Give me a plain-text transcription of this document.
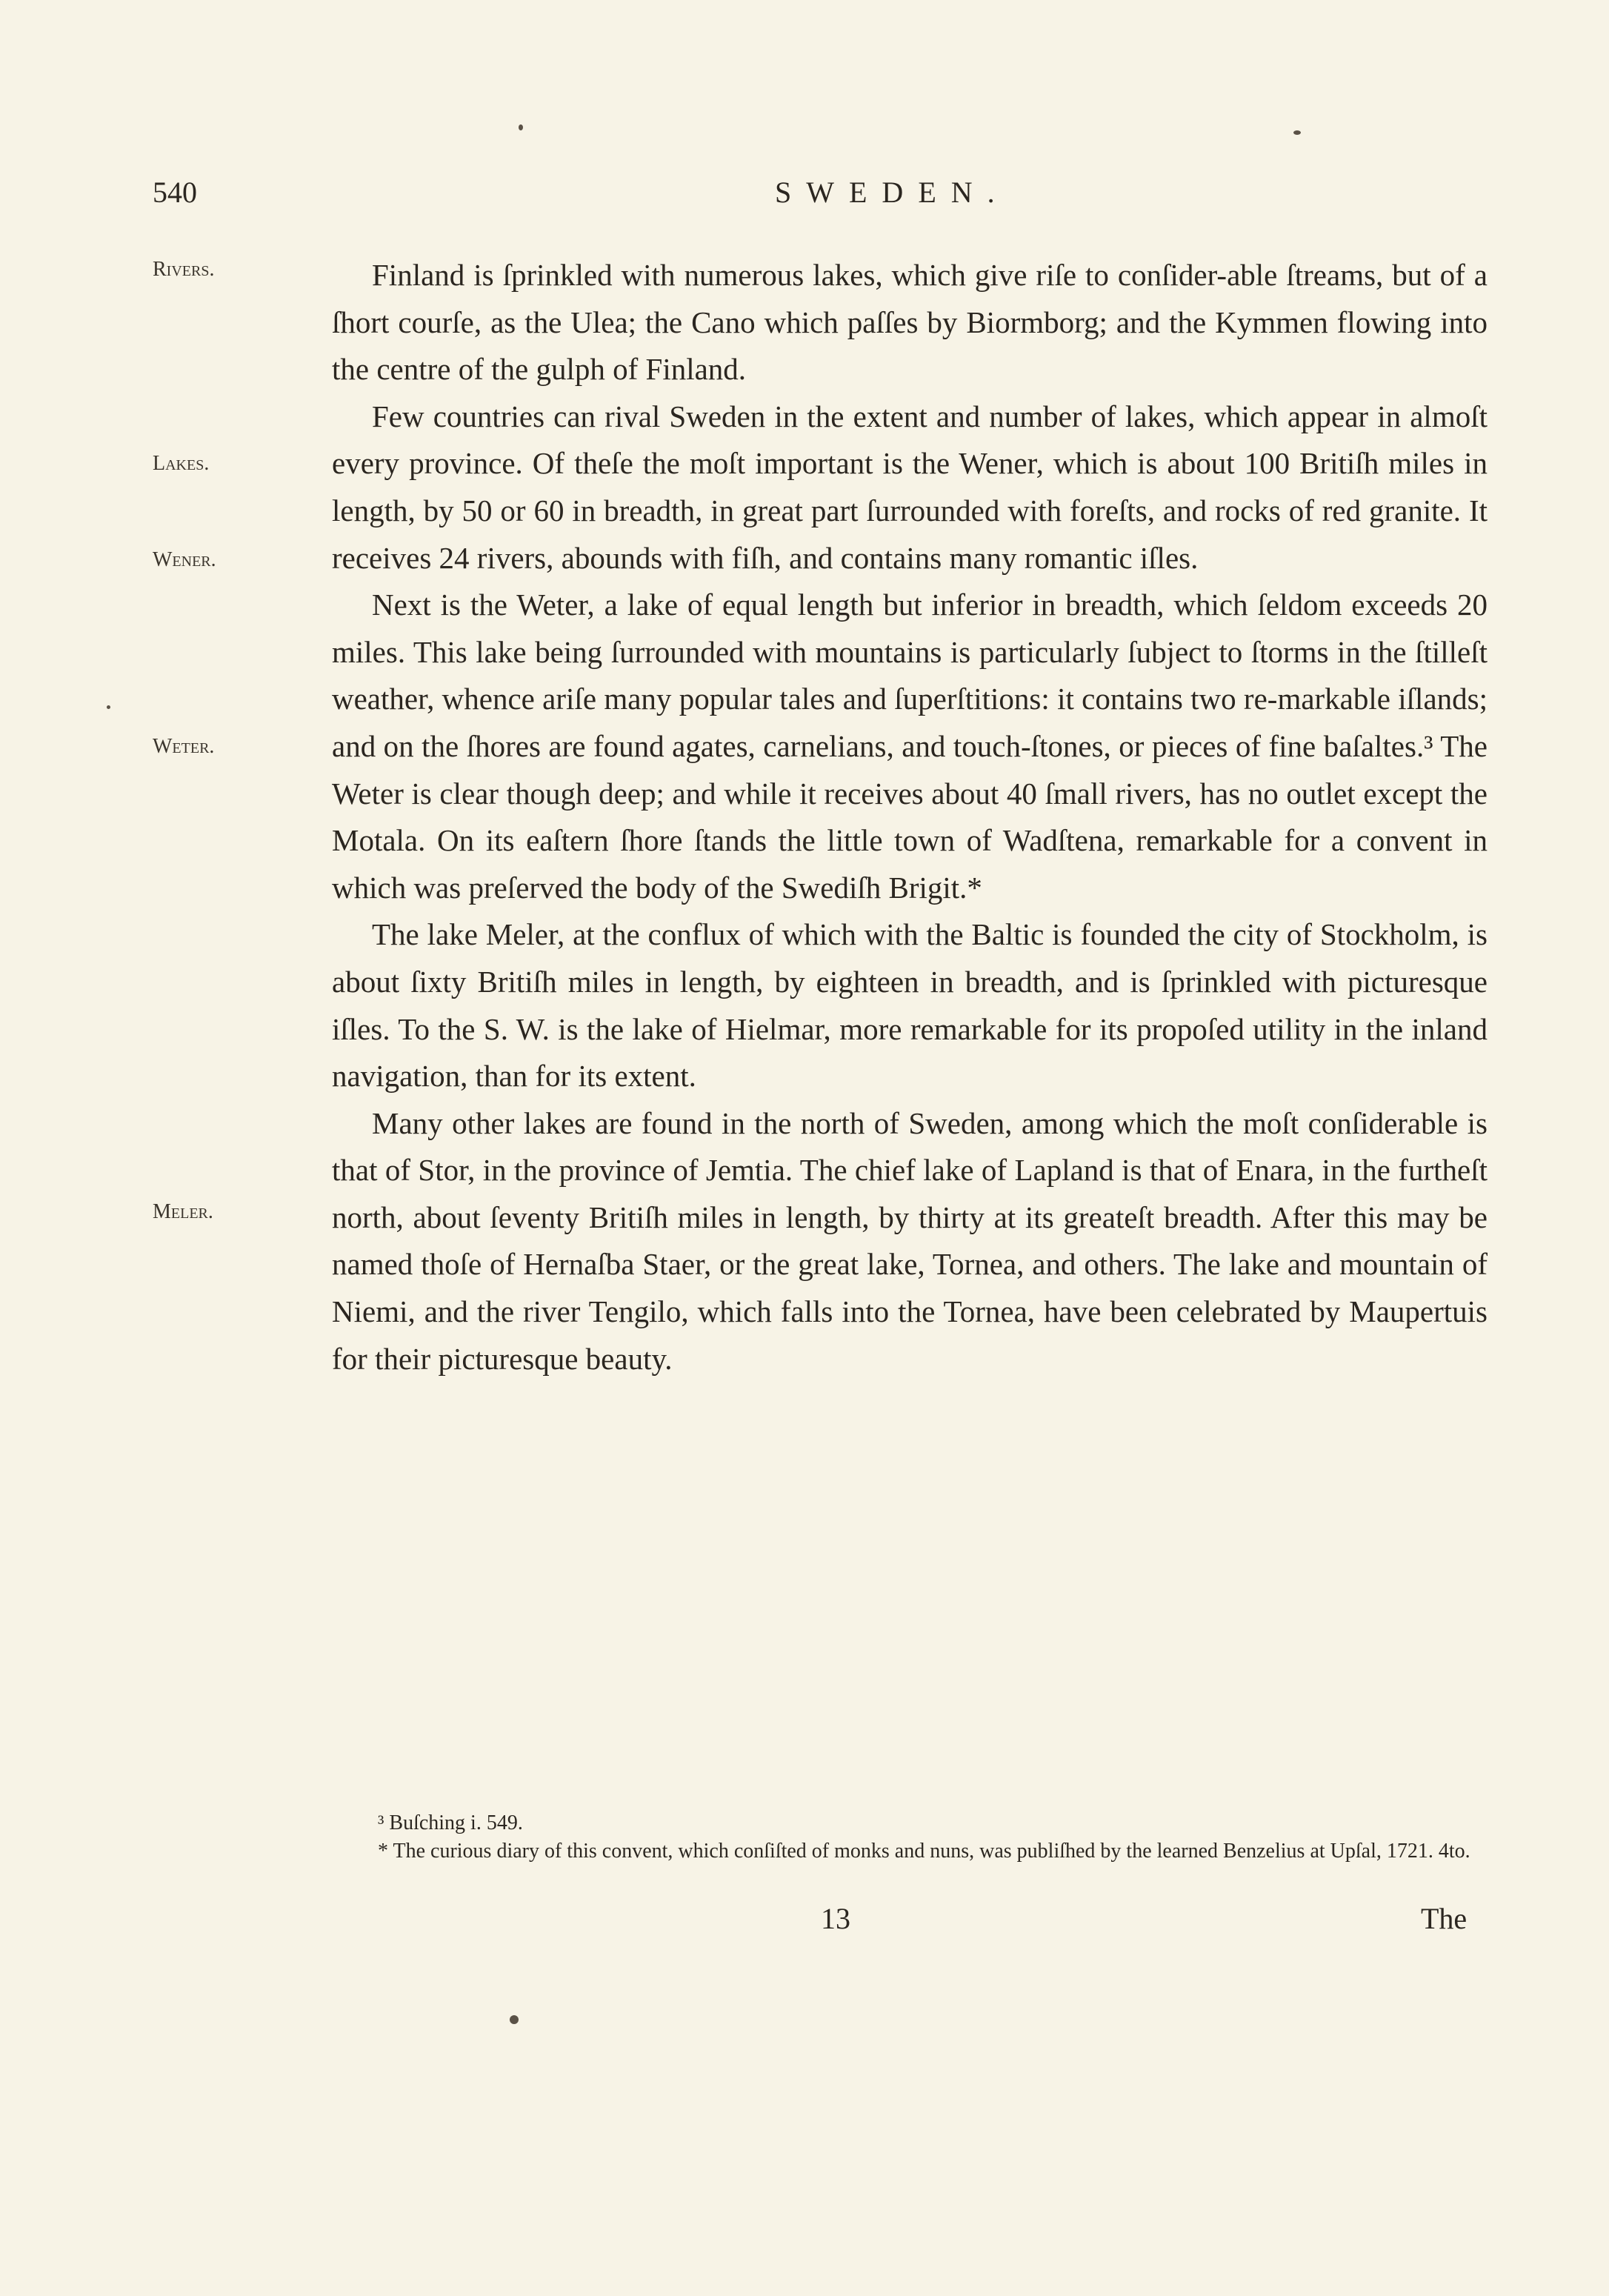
540	SWEDEN.
Rivers.
Lakes.
Wener.
Weter.
Meler.

Finland is ſprinkled with numerous lakes, which give riſe to conſider-able ſtreams, but of a ſhort courſe, as the Ulea; the Cano which paſſes by Biormborg; and the Kymmen flowing into the centre of the gulph of Finland.

Few countries can rival Sweden in the extent and number of lakes, which appear in almoſt every province. Of theſe the moſt important is the Wener, which is about 100 Britiſh miles in length, by 50 or 60 in breadth, in great part ſurrounded with foreſts, and rocks of red granite. It receives 24 rivers, abounds with fiſh, and contains many romantic iſles.

Next is the Weter, a lake of equal length but inferior in breadth, which ſeldom exceeds 20 miles. This lake being ſurrounded with mountains is particularly ſubject to ſtorms in the ſtilleſt weather, whence ariſe many popular tales and ſuperſtitions: it contains two re-markable iſlands; and on the ſhores are found agates, carnelians, and touch-ſtones, or pieces of fine baſaltes.³ The Weter is clear though deep; and while it receives about 40 ſmall rivers, has no outlet except the Motala. On its eaſtern ſhore ſtands the little town of Wadſtena, remarkable for a convent in which was preſerved the body of the Swediſh Brigit.*

The lake Meler, at the conflux of which with the Baltic is founded the city of Stockholm, is about ſixty Britiſh miles in length, by eighteen in breadth, and is ſprinkled with picturesque iſles. To the S. W. is the lake of Hielmar, more remarkable for its propoſed utility in the inland navigation, than for its extent.

Many other lakes are found in the north of Sweden, among which the moſt conſiderable is that of Stor, in the province of Jemtia. The chief lake of Lapland is that of Enara, in the furtheſt north, about ſeventy Britiſh miles in length, by thirty at its greateſt breadth. After this may be named thoſe of Hernaſba Staer, or the great lake, Tornea, and others. The lake and mountain of Niemi, and the river Tengilo, which falls into the Tornea, have been celebrated by Maupertuis for their picturesque beauty.

³ Buſching i. 549.

* The curious diary of this convent, which conſiſted of monks and nuns, was publiſhed by the learned Benzelius at Upſal, 1721. 4to.

13	The
